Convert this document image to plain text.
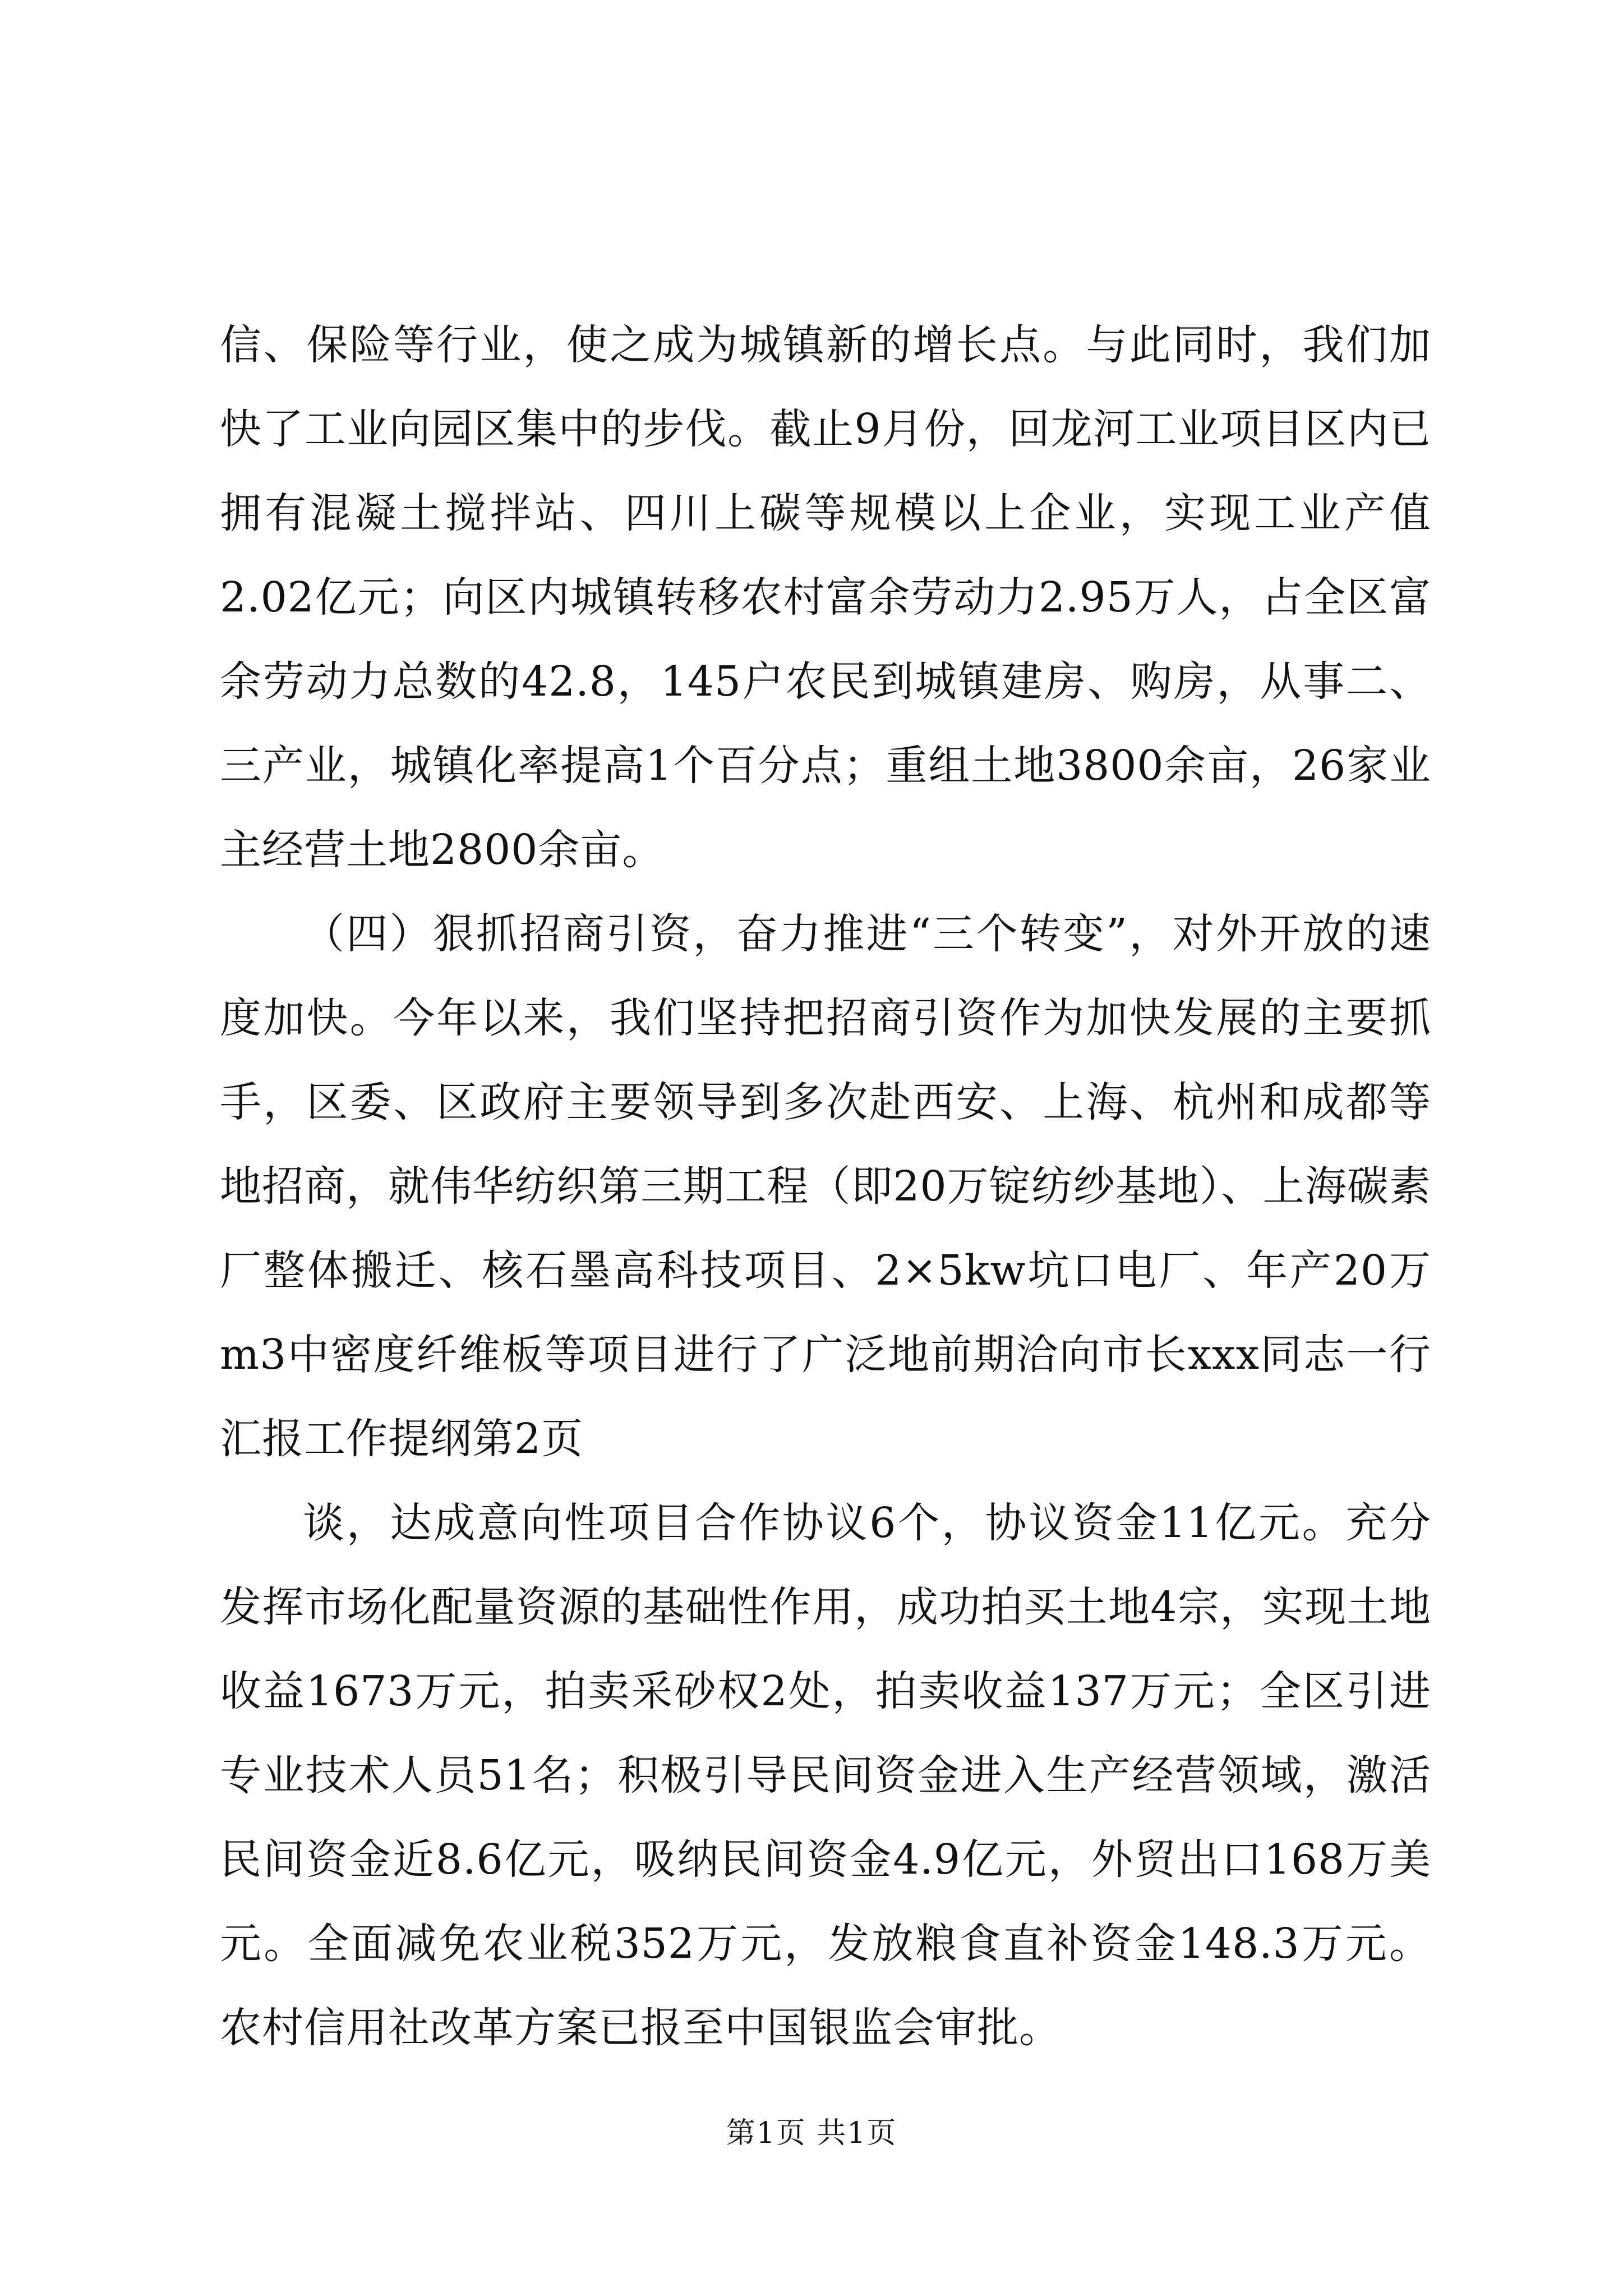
信、保险等行业，使之成为城镇新的增长点。与此同时，我们加快了工业向园区集中的步伐。截止9月份，回龙河工业项目区内已拥有混凝土搅拌站、四川上碳等规模以上企业，实现工业产值2.02亿元；向区内城镇转移农村富余劳动力2.95万人，占全区富余劳动力总数的42.8，145户农民到城镇建房、购房，从事二、三产业，城镇化率提高1个百分点；重组土地3800余亩，26家业主经营土地2800余亩。

（四）狠抓招商引资，奋力推进“三个转变”，对外开放的速度加快。今年以来，我们坚持把招商引资作为加快发展的主要抓手，区委、区政府主要领导到多次赴西安、上海、杭州和成都等地招商，就伟华纺织第三期工程（即20万锭纺纱基地）、上海碳素厂整体搬迁、核石墨高科技项目、2×5kw坑口电厂、年产20万m3中密度纤维板等项目进行了广泛地前期洽向市长xxx同志一行汇报工作提纲第2页

谈，达成意向性项目合作协议6个，协议资金11亿元。充分发挥市场化配量资源的基础性作用，成功拍买土地4宗，实现土地收益1673万元，拍卖采砂权2处，拍卖收益137万元；全区引进专业技术人员51名；积极引导民间资金进入生产经营领域，激活民间资金近8.6亿元，吸纳民间资金4.9亿元，外贸出口168万美元。全面减免农业税352万元，发放粮食直补资金148.3万元。农村信用社改革方案已报至中国银监会审批。

第1页 共1页
